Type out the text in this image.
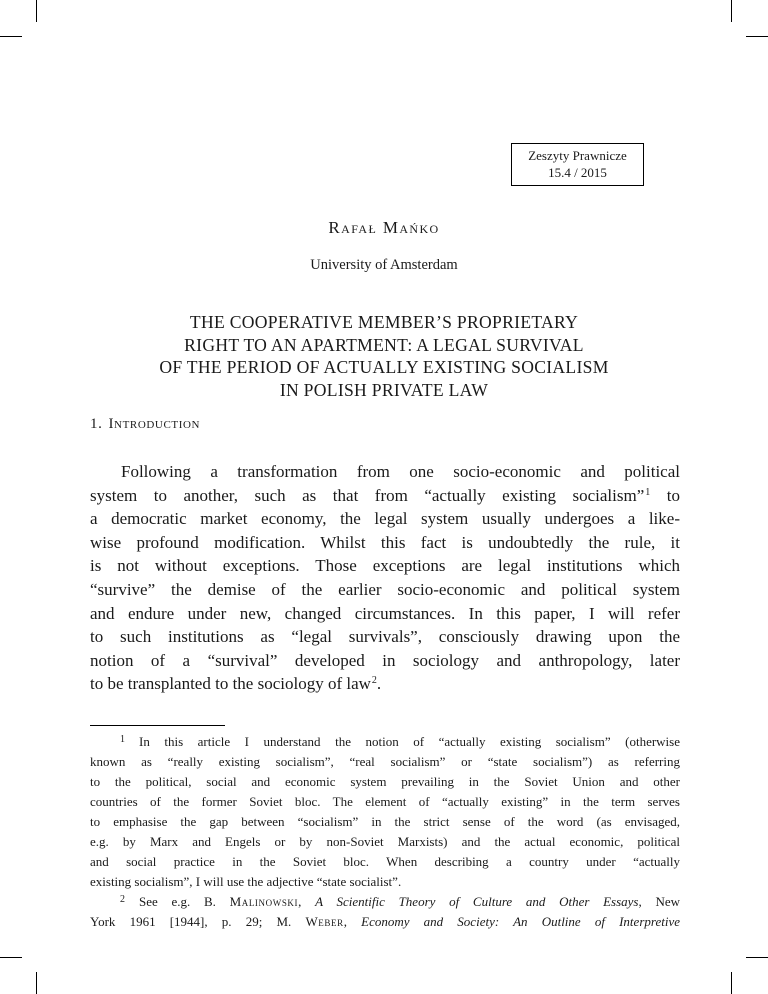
Zeszyty Prawnicze
15.4 / 2015
Rafał Mańko
University of Amsterdam
THE COOPERATIVE MEMBER’S PROPRIETARY
RIGHT TO AN APARTMENT: A LEGAL SURVIVAL
OF THE PERIOD OF ACTUALLY EXISTING SOCIALISM
IN POLISH PRIVATE LAW
1. Introduction
Following a transformation from one socio-economic and political
system to another, such as that from “actually existing socialism”$^1$ to
a democratic market economy, the legal system usually undergoes a like-
wise profound modification. Whilst this fact is undoubtedly the rule, it
is not without exceptions. Those exceptions are legal institutions which
“survive” the demise of the earlier socio-economic and political system
and endure under new, changed circumstances. In this paper, I will refer
to such institutions as “legal survivals”, consciously drawing upon the
notion of a “survival” developed in sociology and anthropology, later
to be transplanted to the sociology of law$^2$.
$^1$ In this article I understand the notion of “actually existing socialism” (otherwise
known as “really existing socialism”, “real socialism” or “state socialism”) as referring
to the political, social and economic system prevailing in the Soviet Union and other
countries of the former Soviet bloc. The element of “actually existing” in the term serves
to emphasise the gap between “socialism” in the strict sense of the word (as envisaged,
e.g. by Marx and Engels or by non-Soviet Marxists) and the actual economic, political
and social practice in the Soviet bloc. When describing a country under “actually
existing socialism”, I will use the adjective “state socialist”.
$^2$ See e.g. B. Malinowski, A Scientific Theory of Culture and Other Essays, New
York 1961 [1944], p. 29; M. Weber, Economy and Society: An Outline of Interpretive
